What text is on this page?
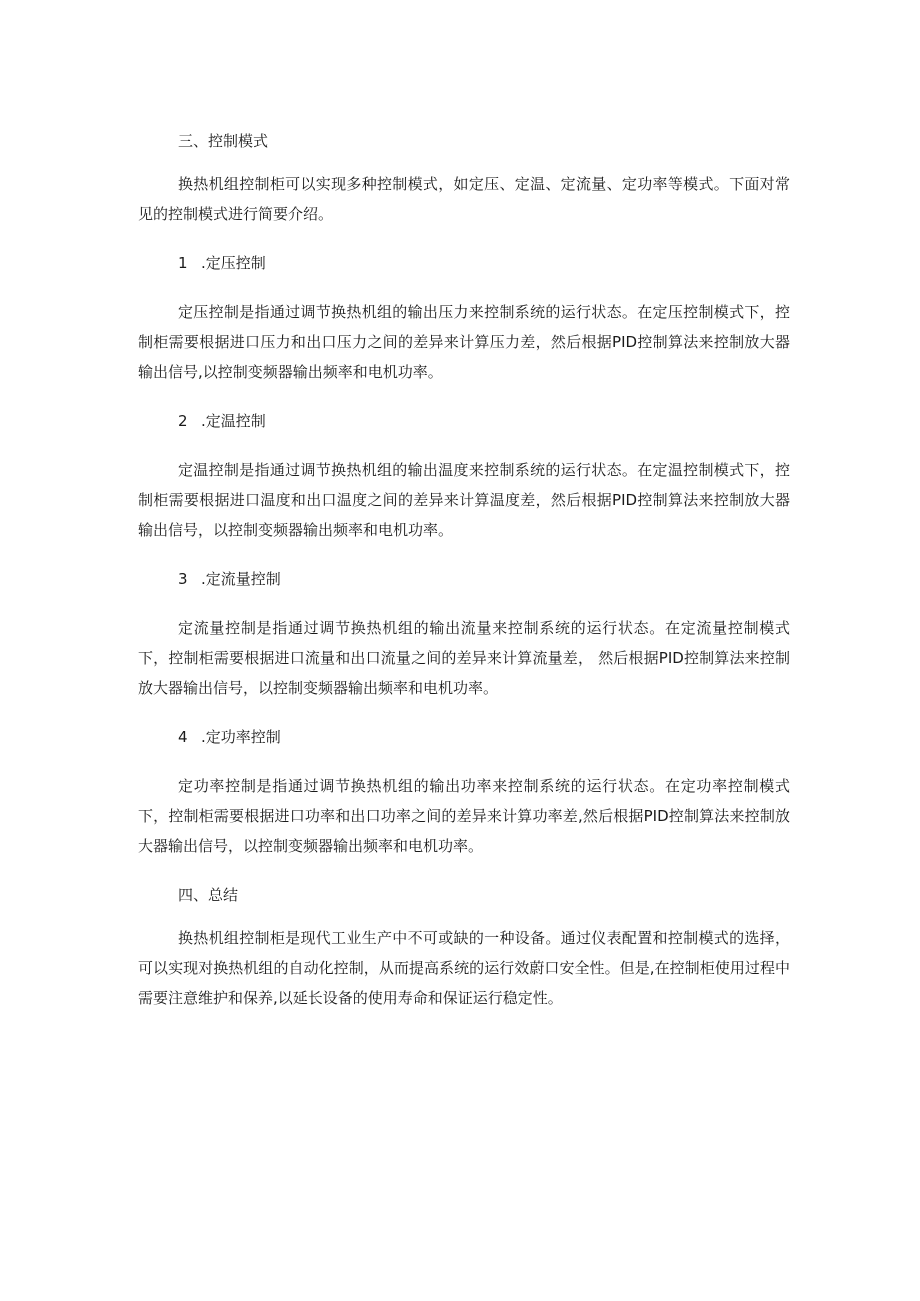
三、控制模式

换热机组控制柜可以实现多种控制模式，如定压、定温、定流量、定功率等模式。下面对常见的控制模式进行简要介绍。

1 .定压控制

定压控制是指通过调节换热机组的输出压力来控制系统的运行状态。在定压控制模式下，控制柜需要根据进口压力和出口压力之间的差异来计算压力差，然后根据PID控制算法来控制放大器输出信号,以控制变频器输出频率和电机功率。

2 .定温控制

定温控制是指通过调节换热机组的输出温度来控制系统的运行状态。在定温控制模式下，控制柜需要根据进口温度和出口温度之间的差异来计算温度差，然后根据PID控制算法来控制放大器输出信号，以控制变频器输出频率和电机功率。

3 .定流量控制

定流量控制是指通过调节换热机组的输出流量来控制系统的运行状态。在定流量控制模式下，控制柜需要根据进口流量和出口流量之间的差异来计算流量差， 然后根据PID控制算法来控制放大器输出信号，以控制变频器输出频率和电机功率。

4 .定功率控制

定功率控制是指通过调节换热机组的输出功率来控制系统的运行状态。在定功率控制模式下，控制柜需要根据进口功率和出口功率之间的差异来计算功率差,然后根据PID控制算法来控制放大器输出信号，以控制变频器输出频率和电机功率。

四、总结

换热机组控制柜是现代工业生产中不可或缺的一种设备。通过仪表配置和控制模式的选择，可以实现对换热机组的自动化控制，从而提高系统的运行效蔚口安全性。但是,在控制柜使用过程中需要注意维护和保养,以延长设备的使用寿命和保证运行稳定性。
